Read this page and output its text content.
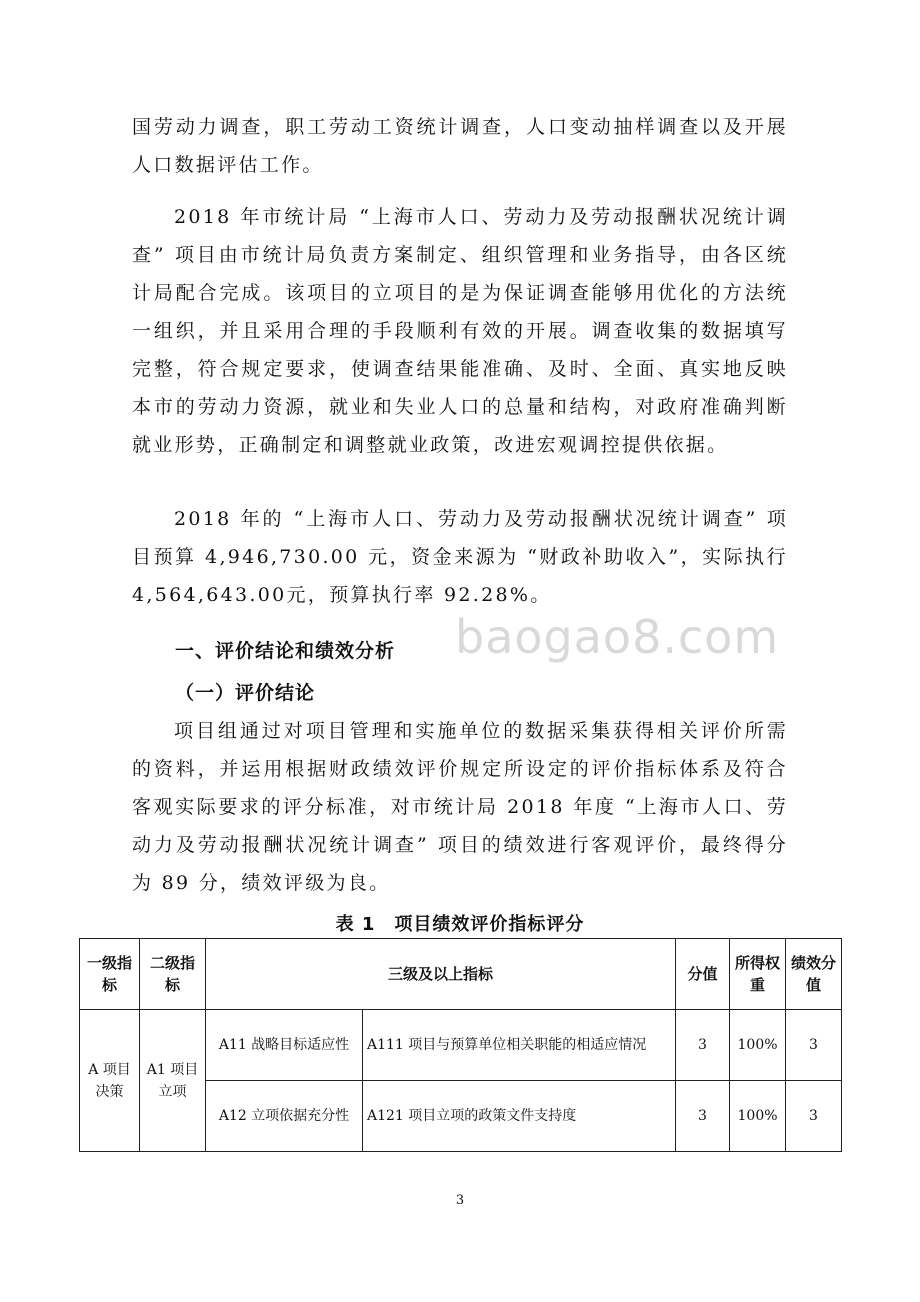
国劳动力调查，职工劳动工资统计调查，人口变动抽样调查以及开展人口数据评估工作。

2018 年市统计局 “上海市人口、劳动力及劳动报酬状况统计调查” 项目由市统计局负责方案制定、组织管理和业务指导，由各区统计局配合完成。该项目的立项目的是为保证调查能够用优化的方法统一组织，并且采用合理的手段顺利有效的开展。调查收集的数据填写完整，符合规定要求，使调查结果能准确、及时、全面、真实地反映本市的劳动力资源，就业和失业人口的总量和结构，对政府准确判断就业形势，正确制定和调整就业政策，改进宏观调控提供依据。

2018 年的 “上海市人口、劳动力及劳动报酬状况统计调查” 项目预算 4,946,730.00 元，资金来源为 “财政补助收入”，实际执行 4,564,643.00元，预算执行率 92.28%。

baogao8.com

一、评价结论和绩效分析

（一）评价结论

项目组通过对项目管理和实施单位的数据采集获得相关评价所需的资料，并运用根据财政绩效评价规定所设定的评价指标体系及符合客观实际要求的评分标准，对市统计局 2018 年度 “上海市人口、劳动力及劳动报酬状况统计调查” 项目的绩效进行客观评价，最终得分为 89 分，绩效评级为良。

表 1　项目绩效评价指标评分

一级指标	二级指标	三级及以上指标		分值	所得权重	绩效分值
A 项目决策	A1 项目立项	A11 战略目标适应性	A111 项目与预算单位相关职能的相适应情况	3	100%	3
		A12 立项依据充分性	A121 项目立项的政策文件支持度	3	100%	3
3
